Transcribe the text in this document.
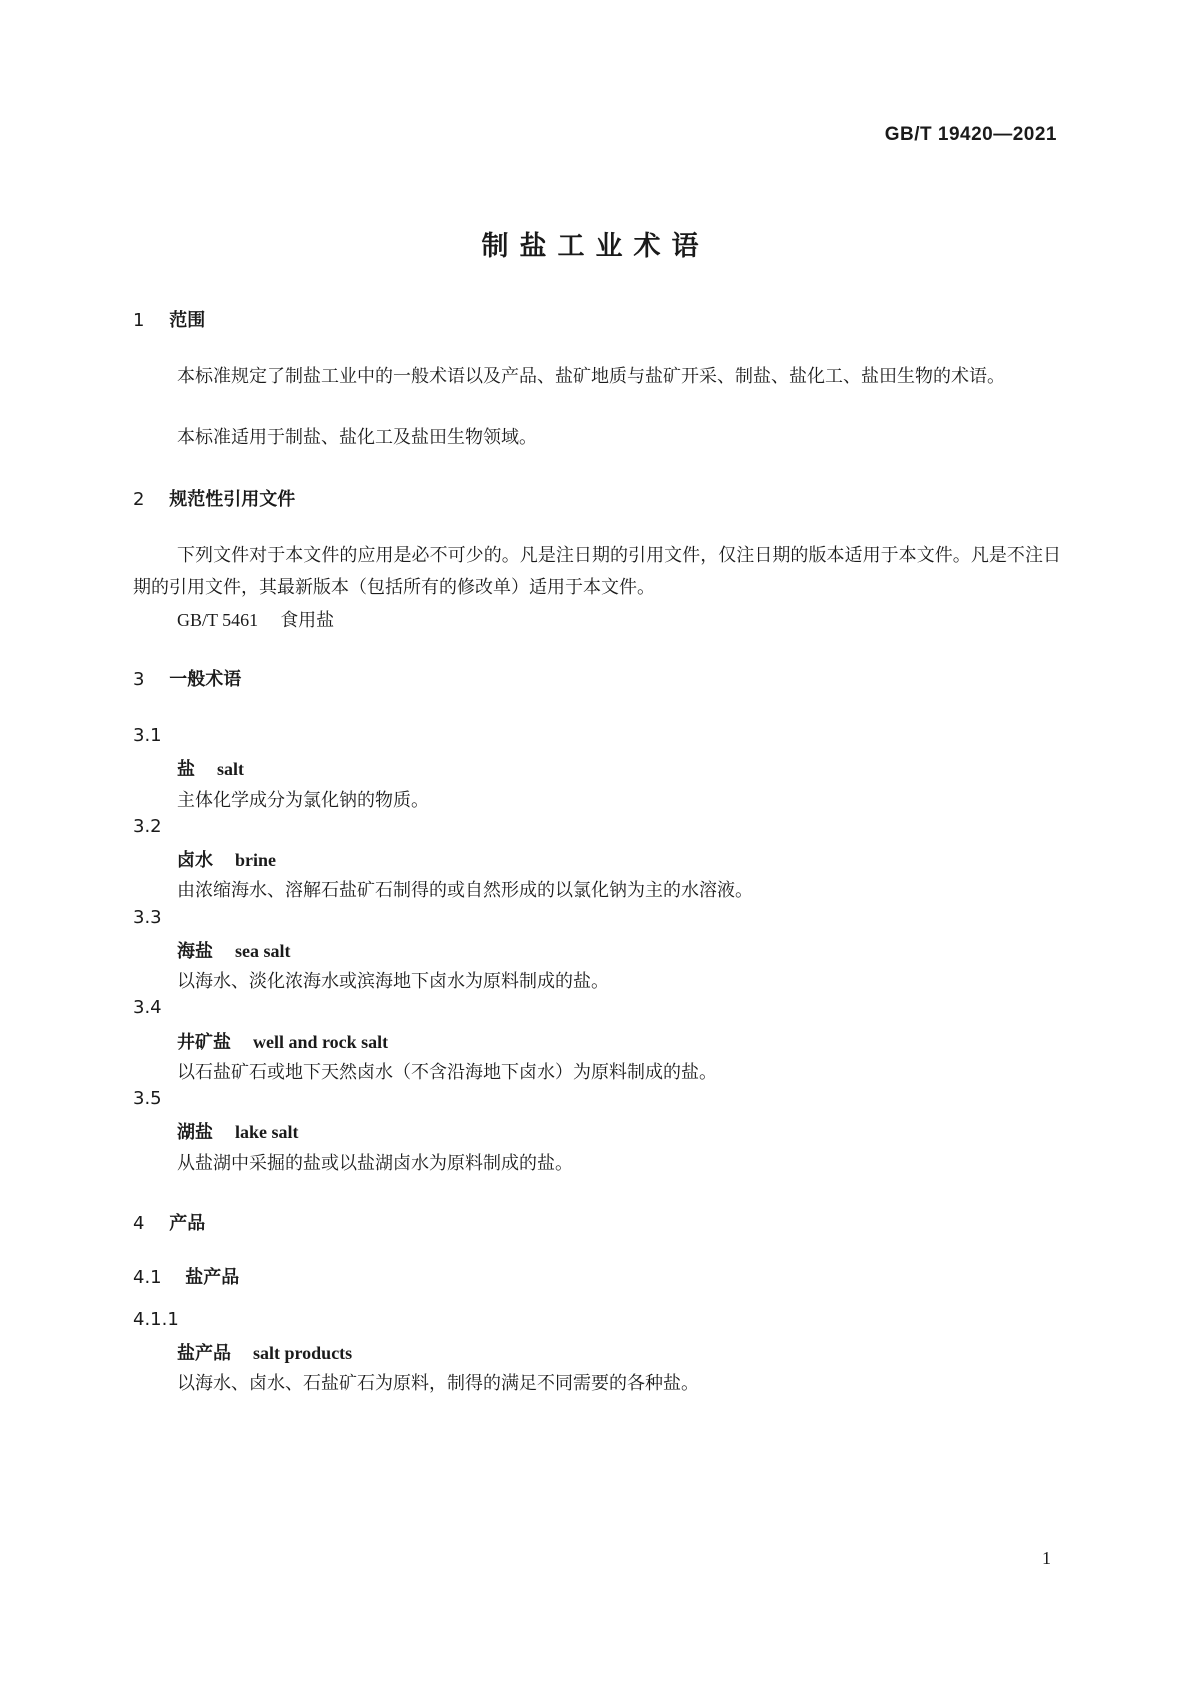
GB/T 19420—2021
制盐工业术语
1 范围
本标准规定了制盐工业中的一般术语以及产品、盐矿地质与盐矿开采、制盐、盐化工、盐田生物的术语。
本标准适用于制盐、盐化工及盐田生物领域。
2 规范性引用文件
下列文件对于本文件的应用是必不可少的。凡是注日期的引用文件，仅注日期的版本适用于本文件。凡是不注日期的引用文件，其最新版本（包括所有的修改单）适用于本文件。
GB/T 5461 食用盐
3 一般术语
3.1
盐 salt
主体化学成分为氯化钠的物质。
3.2
卤水 brine
由浓缩海水、溶解石盐矿石制得的或自然形成的以氯化钠为主的水溶液。
3.3
海盐 sea salt
以海水、淡化浓海水或滨海地下卤水为原料制成的盐。
3.4
井矿盐 well and rock salt
以石盐矿石或地下天然卤水（不含沿海地下卤水）为原料制成的盐。
3.5
湖盐 lake salt
从盐湖中采掘的盐或以盐湖卤水为原料制成的盐。
4 产品
4.1 盐产品
4.1.1
盐产品 salt products
以海水、卤水、石盐矿石为原料，制得的满足不同需要的各种盐。
1
